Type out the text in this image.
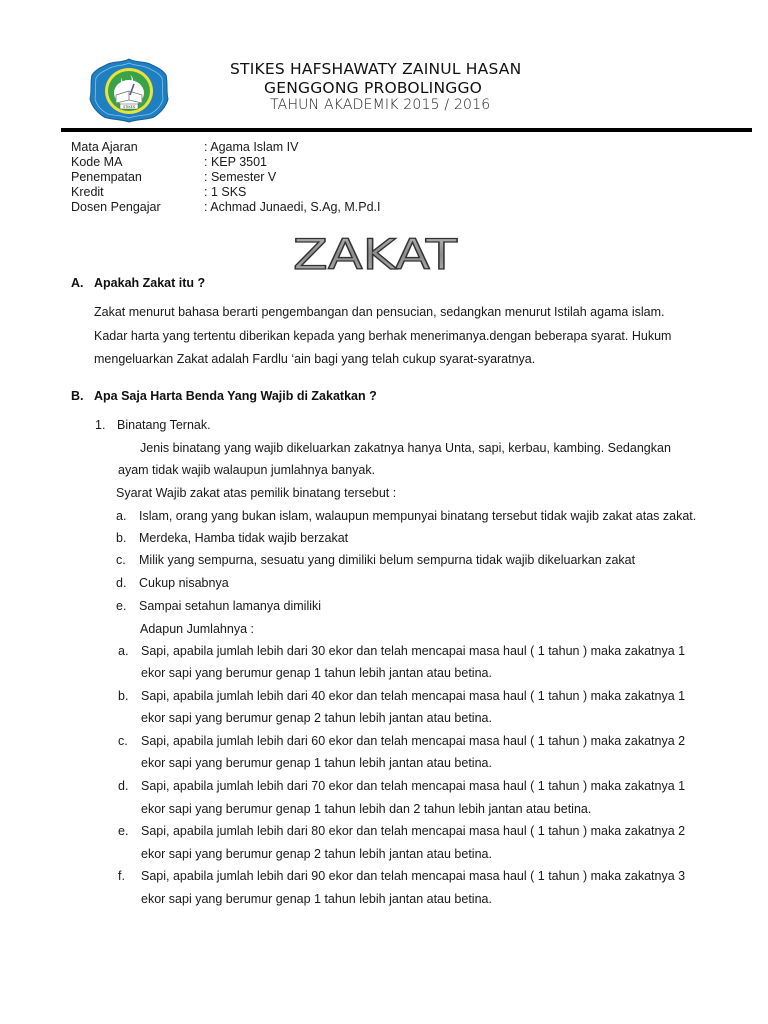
STIKES
STIKES HAFSHAWATY ZAINUL HASAN
GENGGONG PROBOLINGGO
TAHUN AKADEMIK 2015 / 2016
Mata Ajaran	: Agama Islam IV
Kode MA	: KEP 3501
Penempatan	: Semester V
Kredit	: 1 SKS
Dosen Pengajar	: Achmad Junaedi, S.Ag, M.Pd.I
ZAKAT
A. Apakah Zakat itu ?
Zakat menurut bahasa berarti pengembangan dan pensucian, sedangkan menurut Istilah agama islam.
Kadar harta yang tertentu diberikan kepada yang berhak menerimanya.dengan beberapa syarat. Hukum
mengeluarkan Zakat adalah Fardlu ‘ain bagi yang telah cukup syarat-syaratnya.
B. Apa Saja Harta Benda Yang Wajib di Zakatkan ?
1. Binatang Ternak.
Jenis binatang yang wajib dikeluarkan zakatnya hanya Unta, sapi, kerbau, kambing. Sedangkan
ayam tidak wajib walaupun jumlahnya banyak.
Syarat Wajib zakat atas pemilik binatang tersebut :
a. Islam, orang yang bukan islam, walaupun mempunyai binatang tersebut tidak wajib zakat atas zakat.
b. Merdeka, Hamba tidak wajib berzakat
c. Milik yang sempurna, sesuatu yang dimiliki belum sempurna tidak wajib dikeluarkan zakat
d. Cukup nisabnya
e. Sampai setahun lamanya dimiliki
Adapun Jumlahnya :
a. Sapi, apabila jumlah lebih dari 30 ekor dan telah mencapai masa haul ( 1 tahun ) maka zakatnya 1
ekor sapi yang berumur genap 1 tahun lebih jantan atau betina.
b. Sapi, apabila jumlah lebih dari 40 ekor dan telah mencapai masa haul ( 1 tahun ) maka zakatnya 1
ekor sapi yang berumur genap 2 tahun lebih jantan atau betina.
c. Sapi, apabila jumlah lebih dari 60 ekor dan telah mencapai masa haul ( 1 tahun ) maka zakatnya 2
ekor sapi yang berumur genap 1 tahun lebih jantan atau betina.
d. Sapi, apabila jumlah lebih dari 70 ekor dan telah mencapai masa haul ( 1 tahun ) maka zakatnya 1
ekor sapi yang berumur genap 1 tahun lebih dan 2 tahun lebih jantan atau betina.
e. Sapi, apabila jumlah lebih dari 80 ekor dan telah mencapai masa haul ( 1 tahun ) maka zakatnya 2
ekor sapi yang berumur genap 2 tahun lebih jantan atau betina.
f. Sapi, apabila jumlah lebih dari 90 ekor dan telah mencapai masa haul ( 1 tahun ) maka zakatnya 3
ekor sapi yang berumur genap 1 tahun lebih jantan atau betina.
